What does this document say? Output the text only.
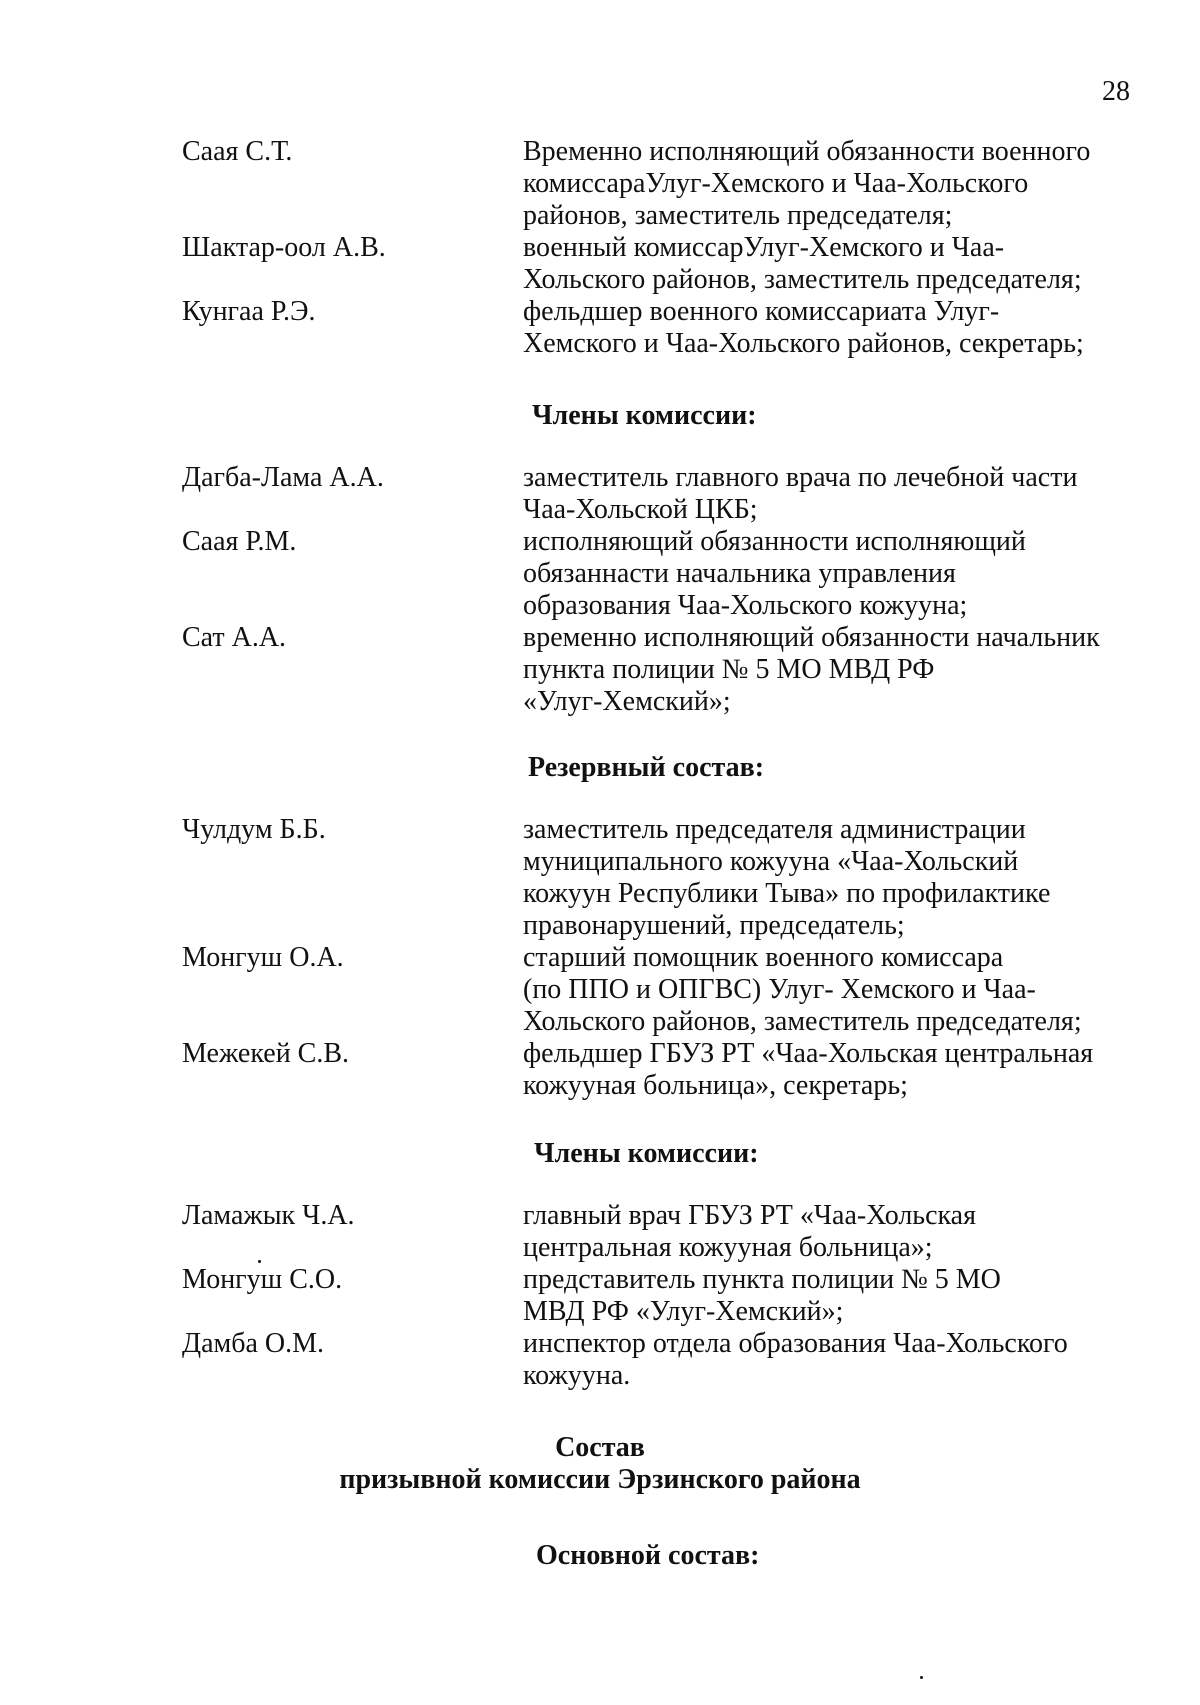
28
Саая С.Т.	Временно исполняющий обязанности военного
комиссараУлуг-Хемского и Чаа-Хольского
районов, заместитель председателя;
Шактар-оол А.В.	военный комиссарУлуг-Хемского и Чаа-
Хольского районов, заместитель председателя;
Кунгаа Р.Э.	фельдшер военного комиссариата Улуг-
Хемского и Чаа-Хольского районов, секретарь;
Члены комиссии:
Дагба-Лама А.А.	заместитель главного врача по лечебной части
Чаа-Хольской ЦКБ;
Саая Р.М.	исполняющий обязанности исполняющий
обязаннасти начальника управления
образования Чаа-Хольского кожууна;
Сат А.А.	временно исполняющий обязанности начальник
пункта полиции № 5 МО МВД РФ
«Улуг-Хемский»;
Резервный состав:
Чулдум Б.Б.	заместитель председателя администрации
муниципального кожууна «Чаа-Хольский
кожуун Республики Тыва» по профилактике
правонарушений, председатель;
Монгуш О.А.	старший помощник военного комиссара
(по ППО и ОПГВС) Улуг- Хемского и Чаа-
Хольского районов, заместитель председателя;
Межекей С.В.	фельдшер ГБУЗ РТ «Чаа-Хольская центральная
кожууная больница», секретарь;
Члены комиссии:
Ламажык Ч.А.	главный врач ГБУЗ РТ «Чаа-Хольская
центральная кожууная больница»;
Монгуш С.О.	представитель пункта полиции № 5 МО
МВД РФ «Улуг-Хемский»;
Дамба О.М.	инспектор отдела образования Чаа-Хольского
кожууна.
Состав
призывной комиссии Эрзинского района
Основной состав:
